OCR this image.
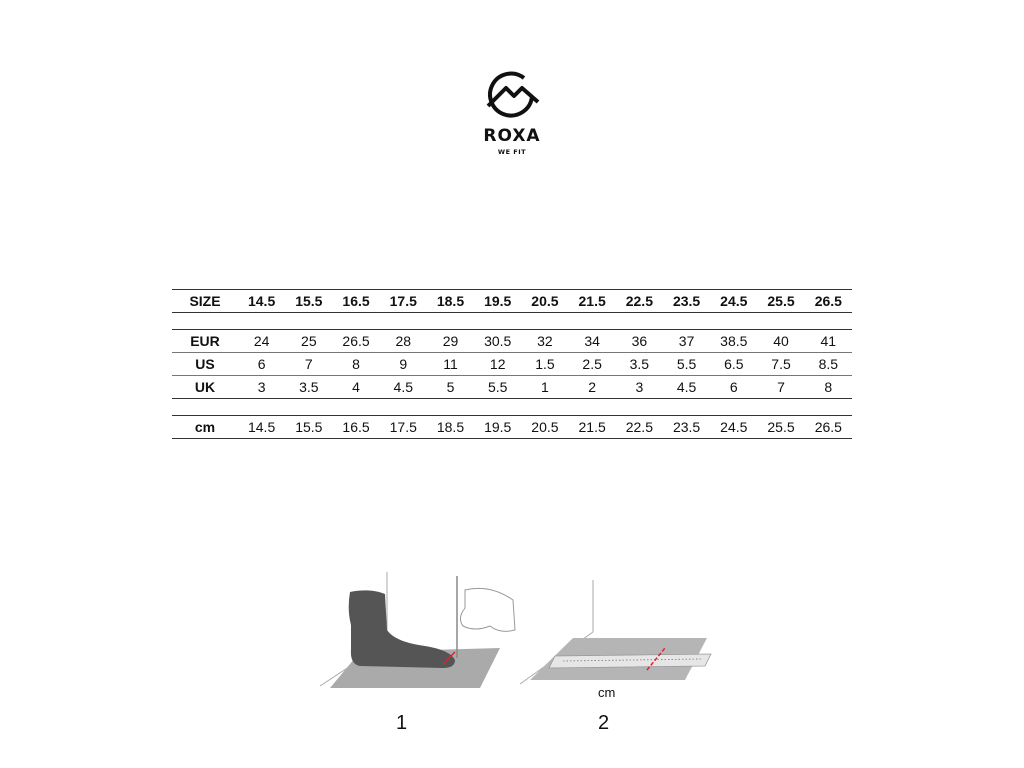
ROXA
WE FIT
SIZE	14.5	15.5	16.5	17.5	18.5	19.5	20.5	21.5	22.5	23.5	24.5	25.5	26.5

EUR	24	25	26.5	28	29	30.5	32	34	36	37	38.5	40	41
US	6	7	8	9	11	12	1.5	2.5	3.5	5.5	6.5	7.5	8.5
UK	3	3.5	4	4.5	5	5.5	1	2	3	4.5	6	7	8

cm	14.5	15.5	16.5	17.5	18.5	19.5	20.5	21.5	22.5	23.5	24.5	25.5	26.5
1
cm
2
